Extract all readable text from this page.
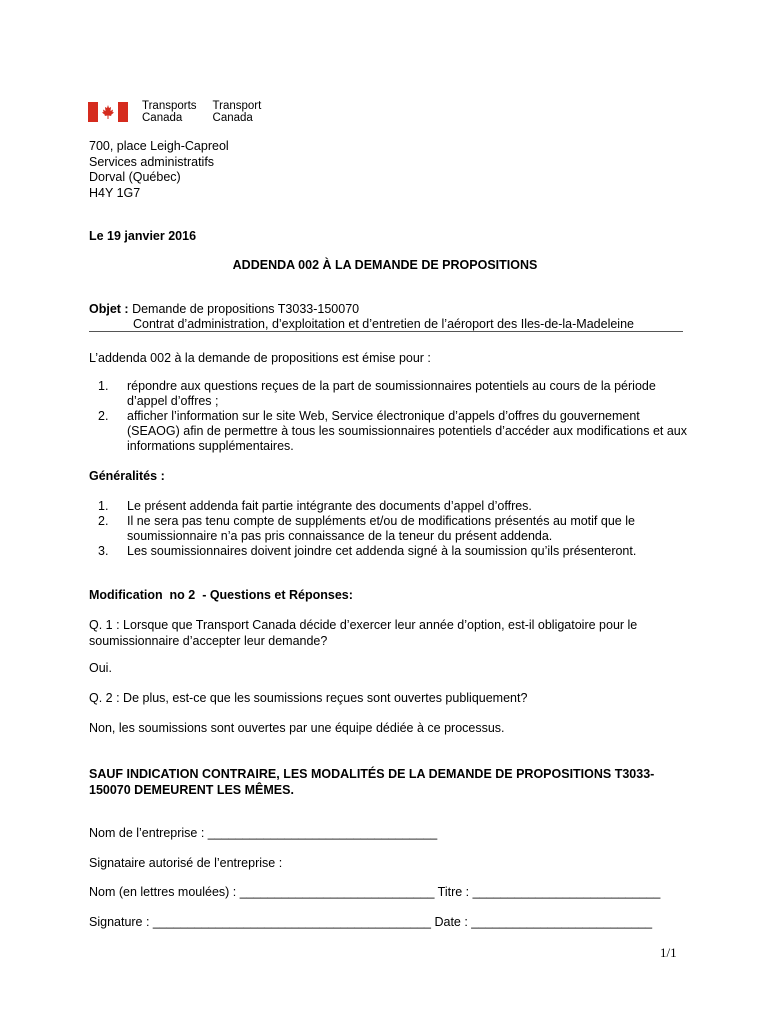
Transports
Canada
Transport
Canada
700, place Leigh-Capreol
Services administratifs
Dorval (Québec)
H4Y 1G7
Le 19 janvier 2016
ADDENDA 002 À LA DEMANDE DE PROPOSITIONS
Objet : Demande de propositions T3033-150070
Contrat d’administration, d’exploitation et d’entretien de l’aéroport des Iles-de-la-Madeleine
L’addenda 002 à la demande de propositions est émise pour :
1. répondre aux questions reçues de la part de soumissionnaires potentiels au cours de la période d’appel d’offres ;
2. afficher l’information sur le site Web, Service électronique d’appels d’offres du gouvernement (SEAOG) afin de permettre à tous les soumissionnaires potentiels d’accéder aux modifications et aux informations supplémentaires.
Généralités :
1. Le présent addenda fait partie intégrante des documents d’appel d’offres.
2. Il ne sera pas tenu compte de suppléments et/ou de modifications présentés au motif que le soumissionnaire n’a pas pris connaissance de la teneur du présent addenda.
3. Les soumissionnaires doivent joindre cet addenda signé à la soumission qu’ils présenteront.
Modification  no 2  - Questions et Réponses:
Q. 1 : Lorsque que Transport Canada décide d’exercer leur année d’option, est-il obligatoire pour le soumissionnaire d’accepter leur demande?
Oui.
Q. 2 : De plus, est-ce que les soumissions reçues sont ouvertes publiquement?
Non, les soumissions sont ouvertes par une équipe dédiée à ce processus.
SAUF INDICATION CONTRAIRE, LES MODALITÉS DE LA DEMANDE DE PROPOSITIONS T3033-150070 DEMEURENT LES MÊMES.
Nom de l’entreprise : _________________________________
Signataire autorisé de l’entreprise :
Nom (en lettres moulées) : ____________________________ Titre : ___________________________
Signature : ________________________________________ Date : __________________________
1/1
